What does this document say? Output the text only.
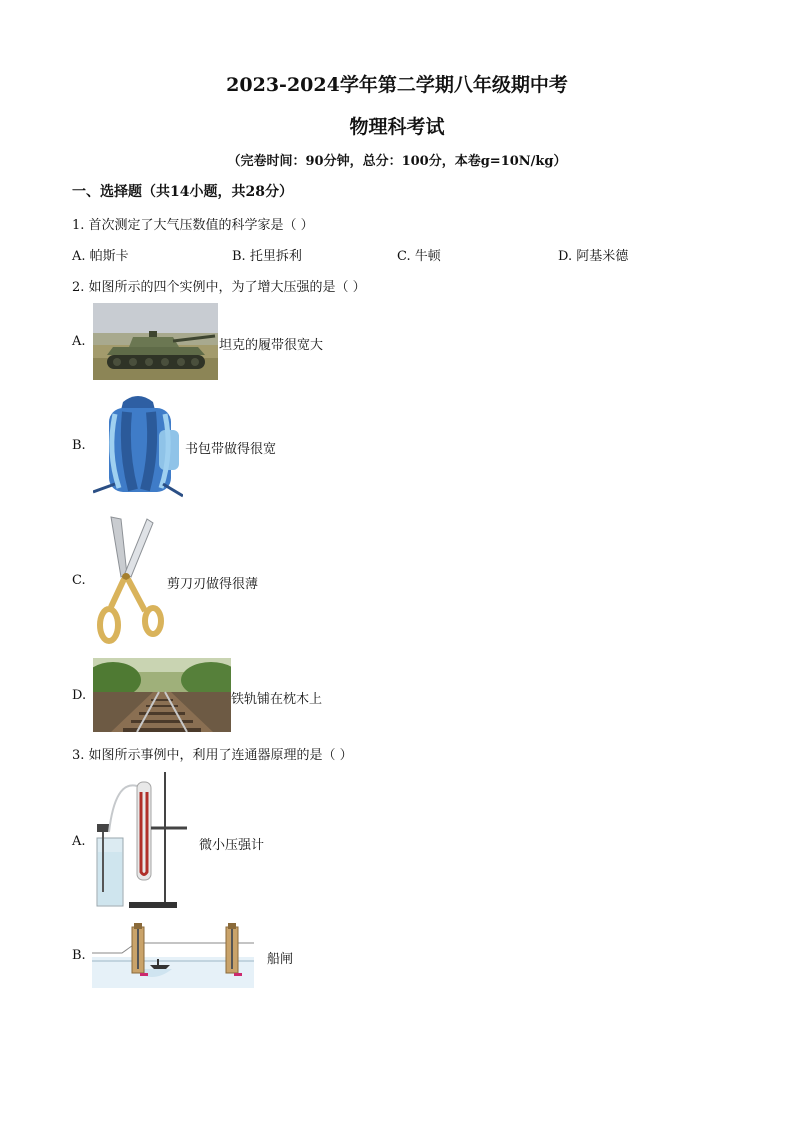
2023-2024学年第二学期八年级期中考
物理科考试
（完卷时间：90分钟，总分：100分，本卷g=10N/kg）
一、选择题（共14小题，共28分）
1. 首次测定了大气压数值的科学家是（ ）
A. 帕斯卡	B. 托里拆利	C. 牛顿	D. 阿基米德
2. 如图所示的四个实例中，为了增大压强的是（ ）
A.	坦克的履带很宽大
B.	书包带做得很宽
C.	剪刀刃做得很薄
D.	铁轨铺在枕木上
3. 如图所示事例中，利用了连通器原理的是（ ）
A.	微小压强计
B.	船闸
